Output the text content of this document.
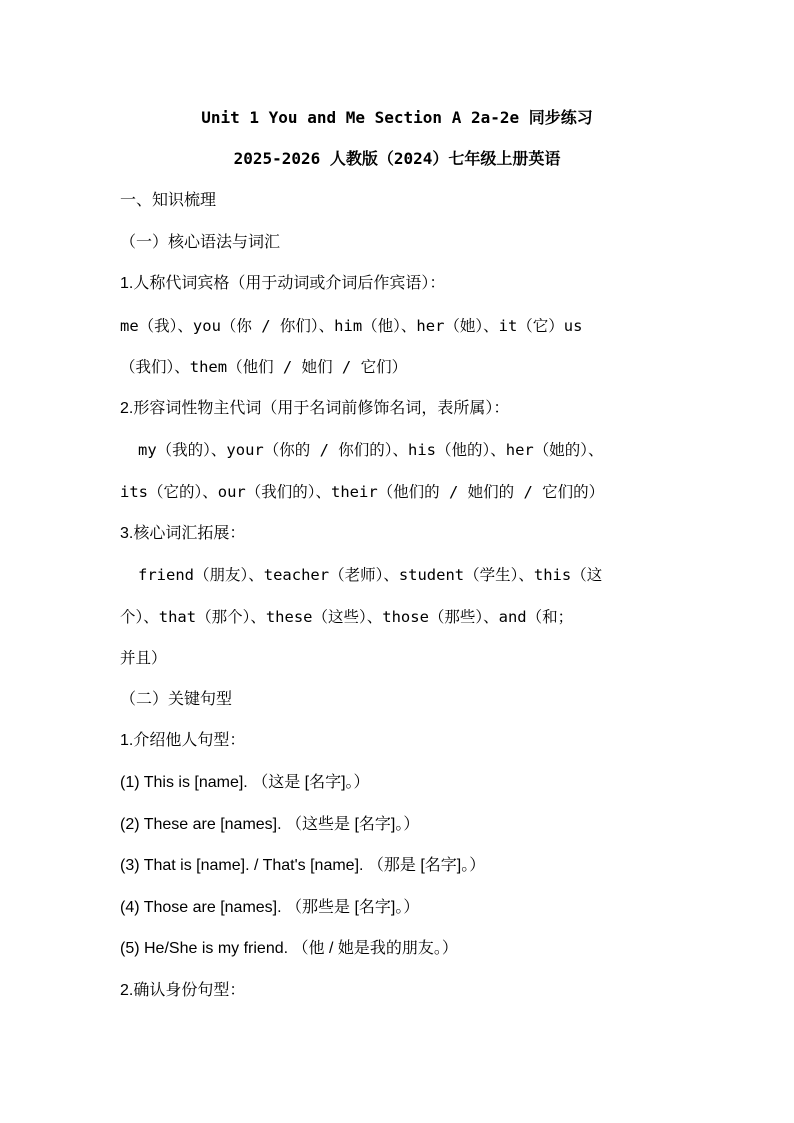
Unit 1 You and Me Section A 2a-2e 同步练习
2025-2026 人教版（2024）七年级上册英语
一、知识梳理
（一）核心语法与词汇
1.人称代词宾格（用于动词或介词后作宾语）：
me（我）、you（你 / 你们）、him（他）、her（她）、it（它）us
（我们）、them（他们 / 她们 / 它们）
2.形容词性物主代词（用于名词前修饰名词，表所属）：
my（我的）、your（你的 / 你们的）、his（他的）、her（她的）、
its（它的）、our（我们的）、their（他们的 / 她们的 / 它们的）
3.核心词汇拓展：
friend（朋友）、teacher（老师）、student（学生）、this（这
个）、that（那个）、these（这些）、those（那些）、and（和；
并且）
（二）关键句型
1.介绍他人句型：
(1) This is [name]. （这是 [名字]。）
(2) These are [names]. （这些是 [名字]。）
(3) That is [name]. / That's [name]. （那是 [名字]。）
(4) Those are [names]. （那些是 [名字]。）
(5) He/She is my friend. （他 / 她是我的朋友。）
2.确认身份句型：
